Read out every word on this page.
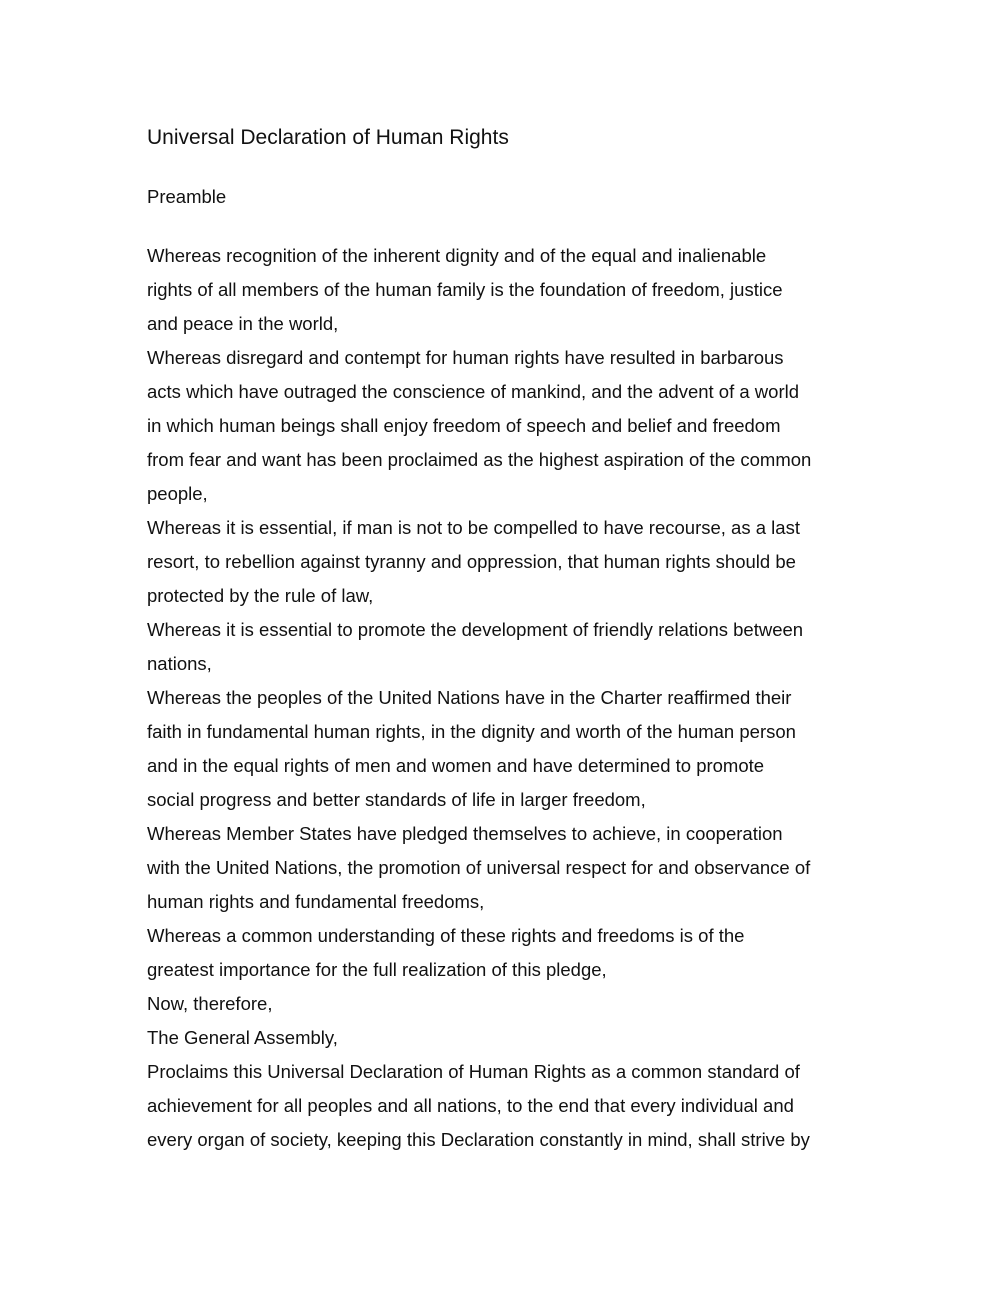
Universal Declaration of Human Rights
Preamble
Whereas recognition of the inherent dignity and of the equal and inalienable
rights of all members of the human family is the foundation of freedom, justice
and peace in the world,
Whereas disregard and contempt for human rights have resulted in barbarous
acts which have outraged the conscience of mankind, and the advent of a world
in which human beings shall enjoy freedom of speech and belief and freedom
from fear and want has been proclaimed as the highest aspiration of the common
people,
Whereas it is essential, if man is not to be compelled to have recourse, as a last
resort, to rebellion against tyranny and oppression, that human rights should be
protected by the rule of law,
Whereas it is essential to promote the development of friendly relations between
nations,
Whereas the peoples of the United Nations have in the Charter reaffirmed their
faith in fundamental human rights, in the dignity and worth of the human person
and in the equal rights of men and women and have determined to promote
social progress and better standards of life in larger freedom,
Whereas Member States have pledged themselves to achieve, in cooperation
with the United Nations, the promotion of universal respect for and observance of
human rights and fundamental freedoms,
Whereas a common understanding of these rights and freedoms is of the
greatest importance for the full realization of this pledge,
Now, therefore,
The General Assembly,
Proclaims this Universal Declaration of Human Rights as a common standard of
achievement for all peoples and all nations, to the end that every individual and
every organ of society, keeping this Declaration constantly in mind, shall strive by
